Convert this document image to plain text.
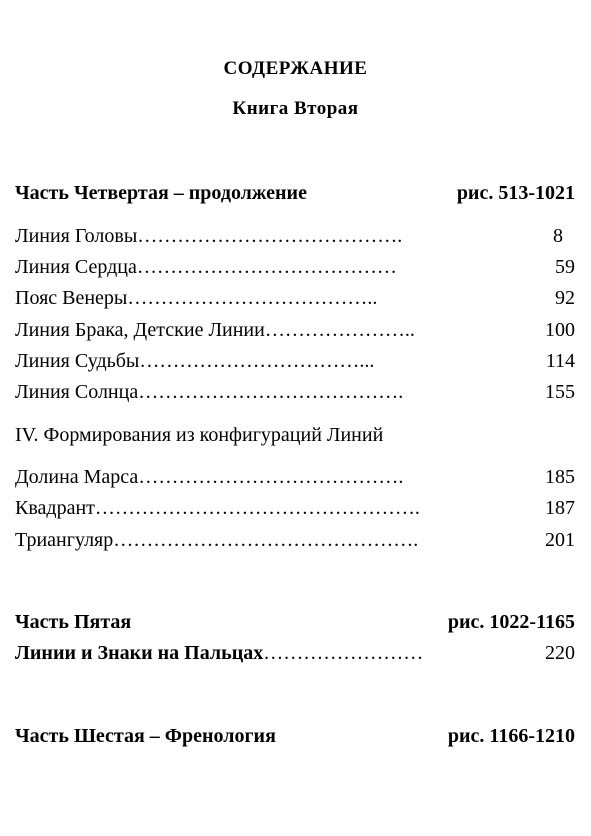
СОДЕРЖАНИЕ
Книга Вторая
Часть Четвертая – продолжение	рис. 513-1021
Линия Головы………………………………….	8
Линия Сердца…………………………………	59
Пояс Венеры………………………………..	92
Линия Брака, Детские Линии…………………..	100
Линия Судьбы……………………………...	114
Линия Солнца………………………………….	155
IV. Формирования из конфигураций Линий
Долина Марса………………………………….	185
Квадрант………………………………………….	187
Триангуляр……………………………………….	201
Часть Пятая	рис. 1022-1165
Линии и Знаки на Пальцах……………………	220
Часть Шестая – Френология	рис. 1166-1210
